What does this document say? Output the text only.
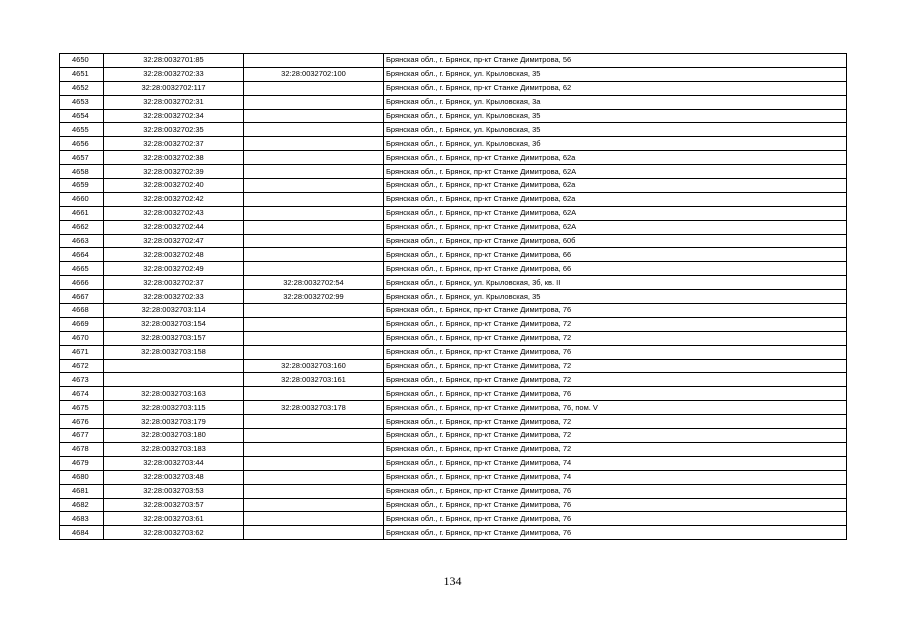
4650	32:28:0032701:85		Брянская обл., г. Брянск, пр-кт Станке Димитрова, 56
4651	32:28:0032702:33	32:28:0032702:100	Брянская обл., г. Брянск, ул. Крыловская, 35
4652	32:28:0032702:117		Брянская обл., г. Брянск, пр-кт Станке Димитрова, 62
4653	32:28:0032702:31		Брянская обл., г. Брянск, ул. Крыловская, 3а
4654	32:28:0032702:34		Брянская обл., г. Брянск, ул. Крыловская, 35
4655	32:28:0032702:35		Брянская обл., г. Брянск, ул. Крыловская, 35
4656	32:28:0032702:37		Брянская обл., г. Брянск, ул. Крыловская, 3б
4657	32:28:0032702:38		Брянская обл., г. Брянск, пр-кт Станке Димитрова, 62а
4658	32:28:0032702:39		Брянская обл., г. Брянск, пр-кт Станке Димитрова, 62А
4659	32:28:0032702:40		Брянская обл., г. Брянск, пр-кт Станке Димитрова, 62а
4660	32:28:0032702:42		Брянская обл., г. Брянск, пр-кт Станке Димитрова, 62а
4661	32:28:0032702:43		Брянская обл., г. Брянск, пр-кт Станке Димитрова, 62А
4662	32:28:0032702:44		Брянская обл., г. Брянск, пр-кт Станке Димитрова, 62А
4663	32:28:0032702:47		Брянская обл., г. Брянск, пр-кт Станке Димитрова, 60б
4664	32:28:0032702:48		Брянская обл., г. Брянск, пр-кт Станке Димитрова, 66
4665	32:28:0032702:49		Брянская обл., г. Брянск, пр-кт Станке Димитрова, 66
4666	32:28:0032702:37	32:28:0032702:54	Брянская обл., г. Брянск, ул. Крыловская, 3б, кв. II
4667	32:28:0032702:33	32:28:0032702:99	Брянская обл., г. Брянск, ул. Крыловская, 35
4668	32:28:0032703:114		Брянская обл., г. Брянск, пр-кт Станке Димитрова, 76
4669	32:28:0032703:154		Брянская обл., г. Брянск, пр-кт Станке Димитрова, 72
4670	32:28:0032703:157		Брянская обл., г. Брянск, пр-кт Станке Димитрова, 72
4671	32:28:0032703:158		Брянская обл., г. Брянск, пр-кт Станке Димитрова, 76
4672		32:28:0032703:160	Брянская обл., г. Брянск, пр-кт Станке Димитрова, 72
4673		32:28:0032703:161	Брянская обл., г. Брянск, пр-кт Станке Димитрова, 72
4674	32:28:0032703:163		Брянская обл., г. Брянск, пр-кт Станке Димитрова, 76
4675	32:28:0032703:115	32:28:0032703:178	Брянская обл., г. Брянск, пр-кт Станке Димитрова, 76, пом. V
4676	32:28:0032703:179		Брянская обл., г. Брянск, пр-кт Станке Димитрова, 72
4677	32:28:0032703:180		Брянская обл., г. Брянск, пр-кт Станке Димитрова, 72
4678	32:28:0032703:183		Брянская обл., г. Брянск, пр-кт Станке Димитрова, 72
4679	32:28:0032703:44		Брянская обл., г. Брянск, пр-кт Станке Димитрова, 74
4680	32:28:0032703:48		Брянская обл., г. Брянск, пр-кт Станке Димитрова, 74
4681	32:28:0032703:53		Брянская обл., г. Брянск, пр-кт Станке Димитрова, 76
4682	32:28:0032703:57		Брянская обл., г. Брянск, пр-кт Станке Димитрова, 76
4683	32:28:0032703:61		Брянская обл., г. Брянск, пр-кт Станке Димитрова, 76
4684	32:28:0032703:62		Брянская обл., г. Брянск, пр-кт Станке Димитрова, 76
134
